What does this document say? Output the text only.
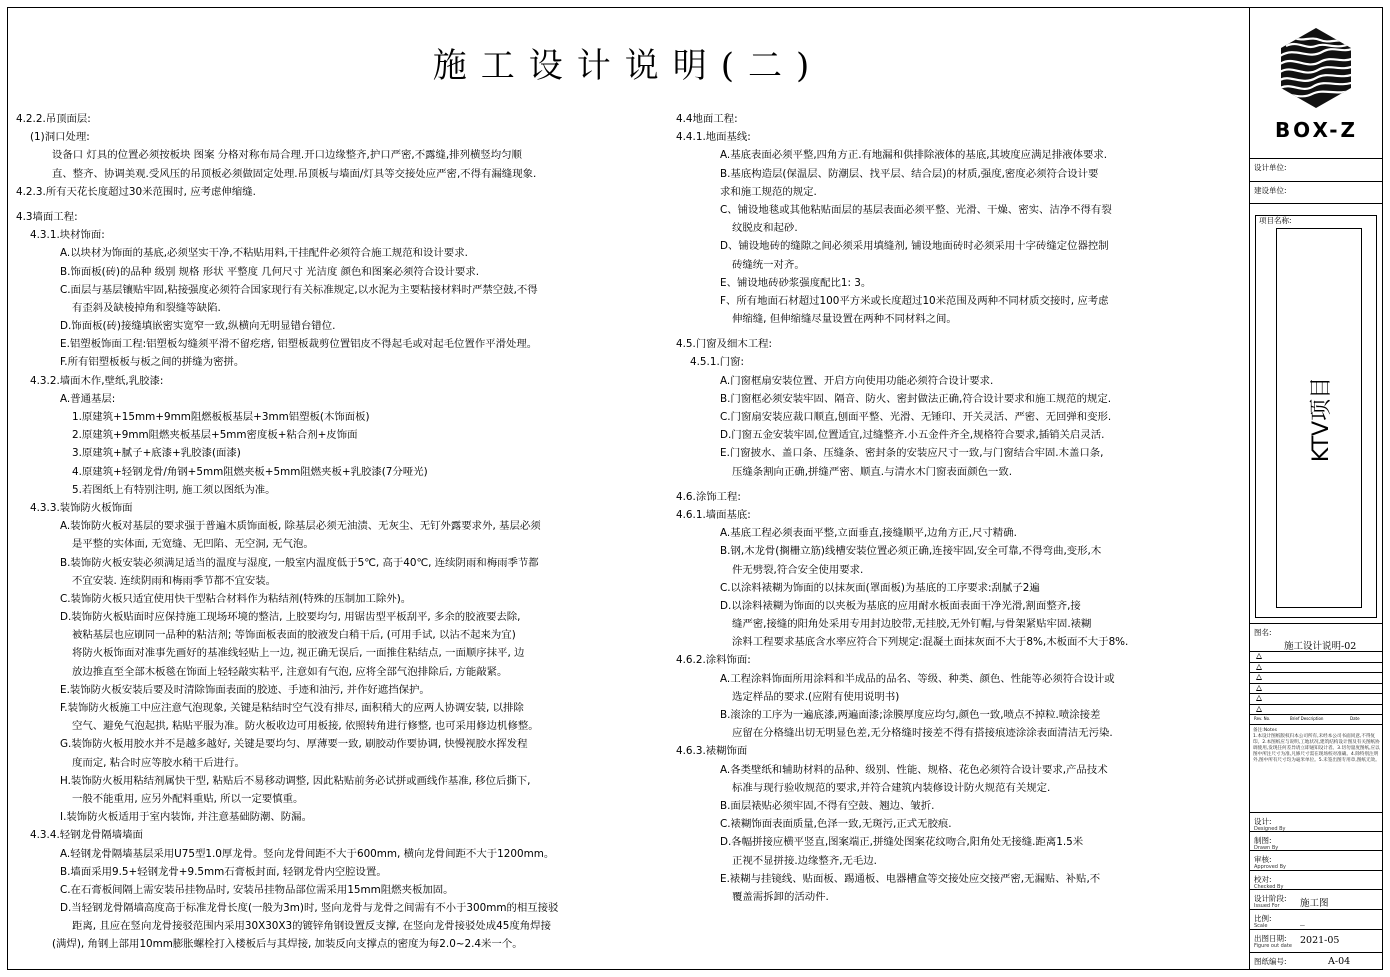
施工设计说明(二)
4.2.2.吊顶面层:
(1)洞口处理:
设备口 灯具的位置必须按板块 图案 分格对称布局合理.开口边缘整齐,护口严密,不露缝,排列横竖均匀顺
直、整齐、协调美观.受风压的吊顶板必须做固定处理.吊顶板与墙面/灯具等交接处应严密,不得有漏缝现象.
4.2.3.所有天花长度超过30米范围时, 应考虑伸缩缝.
4.3墙面工程:
4.3.1.块材饰面:
A.以块材为饰面的基底,必须坚实干净,不粘贴用料,干挂配件必须符合施工规范和设计要求.
B.饰面板(砖)的品种 级别 规格 形状 平整度 几何尺寸 光洁度 颜色和图案必须符合设计要求.
C.面层与基层镶贴牢固,粘接强度必须符合国家现行有关标准规定,以水泥为主要粘接材料时严禁空鼓,不得
有歪斜及缺棱掉角和裂缝等缺陷.
D.饰面板(砖)接缝填嵌密实宽窄一致,纵横向无明显错台错位.
E.铝塑板饰面工程:铝塑板勾缝须平滑不留疙瘩, 铝塑板裁剪位置铝皮不得起毛或对起毛位置作平滑处理。
F.所有铝塑板板与板之间的拼缝为密拼。
4.3.2.墙面木作,壁纸,乳胶漆:
A.普通基层:
1.原建筑+15mm+9mm阻燃板板基层+3mm铝塑板(木饰面板)
2.原建筑+9mm阻燃夹板基层+5mm密度板+粘合剂+皮饰面
3.原建筑+腻子+底漆+乳胶漆(面漆)
4.原建筑+轻钢龙骨/角钢+5mm阻燃夹板+5mm阻燃夹板+乳胶漆(7分哑光)
5.若图纸上有特别注明, 施工须以图纸为准。
4.3.3.装饰防火板饰面
A.装饰防火板对基层的要求强于普遍木质饰面板, 除基层必须无油渍、无灰尘、无钉外露要求外, 基层必须
是平整的实体面, 无宽缝、无凹陷、无空洞, 无气泡。
B.装饰防火板安装必须满足适当的温度与湿度, 一般室内温度低于5℃, 高于40℃, 连续阴雨和梅雨季节都
不宜安装. 连续阴雨和梅雨季节都不宜安装。
C.装饰防火板只适宜使用快干型粘合材料作为粘结剂(特殊的压制加工除外)。
D.装饰防火板贴面时应保持施工现场环境的整洁, 上胶要均匀, 用锯齿型平板刮平, 多余的胶液要去除,
被粘基层也应刷同一品种的粘洁剂; 等饰面板表面的胶液发白稍干后, (可用手试, 以沾不起来为宜)
将防火板饰面对准事先画好的基准线轻贴上一边, 视正确无误后, 一面推住粘结点, 一面顺序抹平, 边
放边推直至全部木板毯在饰面上轻轻敲实粘平, 注意如有气泡, 应将全部气泡排除后, 方能敲紧。
E.装饰防火板安装后要及时清除饰面表面的胶迹、手迹和油污, 并作好遮挡保护。
F.装饰防火板施工中应注意气泡现象, 关键是粘结时空气没有排尽, 面积稍大的应两人协调安装, 以排除
空气、避免气泡起拱, 粘贴平服为准。防火板收边可用板接, 依照转角进行修整, 也可采用修边机修整。
G.装饰防火板用胶水并不是越多越好, 关键是要均匀、厚薄要一致, 刷胶动作要协调, 快慢视胶水挥发程
度而定, 粘合时应等胶水稍干后进行。
H.装饰防火板用粘结剂属快干型, 粘贴后不易移动调整, 因此粘贴前务必试拼或画线作基准, 移位后撕下,
一般不能重用, 应另外配料重贴, 所以一定要慎重。
I.装饰防火板适用于室内装饰, 并注意基础防潮、防漏。
4.3.4.轻钢龙骨隔墙墙面
A.轻钢龙骨隔墙基层采用U75型1.0厚龙骨。竖向龙骨间距不大于600mm, 横向龙骨间距不大于1200mm。
B.墙面采用9.5+轻钢龙骨+9.5mm石膏板封面, 轻钢龙骨内空腔设置。
C.在石膏板间隔上需安装吊挂物品时, 安装吊挂物品部位需采用15mm阻燃夹板加固。
D.当轻钢龙骨隔墙高度高于标准龙骨长度(一般为3m)时, 竖向龙骨与龙骨之间需有不小于300mm的相互接驳
距离, 且应在竖向龙骨接驳范围内采用30X30X3的镀锌角钢设置反支撑, 在竖向龙骨接驳处成45度角焊接
(满焊), 角钢上部用10mm膨胀螺栓打入楼板后与其焊接, 加装反向支撑点的密度为每2.0~2.4米一个。
4.4地面工程:
4.4.1.地面基线:
A.基底表面必须平整,四角方正.有地漏和供排除液体的基底,其坡度应满足排液体要求.
B.基底构造层(保温层、防潮层、找平层、结合层)的材质,强度,密度必须符合设计要
求和施工规范的规定.
C、铺设地毯或其他粘贴面层的基层表面必须平整、光滑、干燥、密实、洁净不得有裂
纹脱皮和起砂.
D、铺设地砖的缝隙之间必须采用填缝剂, 铺设地面砖时必须采用十字砖缝定位器控制
砖缝统一对齐。
E、铺设地砖砂浆强度配比1: 3。
F、所有地面石材超过100平方米或长度超过10米范围及两种不同材质交接时, 应考虑
伸缩缝, 但伸缩缝尽量设置在两种不同材料之间。
4.5.门窗及细木工程:
4.5.1.门窗:
A.门窗框扇安装位置、开启方向使用功能必须符合设计要求.
B.门窗框必须安装牢固、隔音、防火、密封做法正确,符合设计要求和施工规范的规定.
C.门窗扇安装应裁口顺直,刨面平整、光滑、无锤印、开关灵活、严密、无回弹和变形.
D.门窗五金安装牢固,位置适宜,过缝整齐.小五金件齐全,规格符合要求,插销关启灵活.
E.门窗披水、盖口条、压缝条、密封条的安装应尺寸一致,与门窗结合牢固.木盖口条,
压缝条割向正确,拼缝严密、顺直.与清水木门窗表面颜色一致.
4.6.涂饰工程:
4.6.1.墙面基底:
A.基底工程必须表面平整,立面垂直,接缝顺平,边角方正,尺寸精确.
B.钢,木龙骨(搁栅立筋)线槽安装位置必须正确,连接牢固,安全可靠,不得弯曲,变形,木
件无劈裂,符合安全使用要求.
C.以涂料裱糊为饰面的以抹灰面(罩面板)为基底的工序要求:刮腻子2遍
D.以涂料裱糊为饰面的以夹板为基底的应用耐水板面表面干净光滑,割面整齐,接
缝严密,接缝的阳角处采用专用封边胶带,无挂胶,无外钉帽,与骨架紧贴牢固.裱糊
涂料工程要求基底含水率应符合下列规定:混凝土面抹灰面不大于8%,木板面不大于8%.
4.6.2.涂料饰面:
A.工程涂料饰面所用涂料和半成品的品名、等级、种类、颜色、性能等必须符合设计或
选定样品的要求.(应附有使用说明书)
B.滚涂的工序为一遍底漆,两遍面漆;涂膜厚度应均匀,颜色一致,喷点不掉粒.喷涂接差
应留在分格缝出切无明显色差,无分格缝时接差不得有搭接痕迹涂涂表面清洁无污染.
4.6.3.裱糊饰面
A.各类壁纸和辅助材料的品种、级别、性能、规格、花色必须符合设计要求,产品技术
标准与现行验收规范的要求,并符合建筑内装修设计防火规范有关规定.
B.面层裱贴必须牢固,不得有空鼓、翘边、皱折.
C.裱糊饰面表面质量,色泽一致,无斑污,正式无胶痕.
D.各幅拼接应横平竖直,图案端正,拼缝处图案花纹吻合,阳角处无接缝.距离1.5米
正视不显拼接.边缘整齐,无毛边.
E.裱糊与挂镜线、贴面板、踢通板、电器槽盒等交接处应交接严密,无漏贴、补贴,不
覆盖需拆卸的活动件.
BOX-Z
设计单位:
建设单位:
项目名称:
KTV项目
图名:
施工设计说明-02
Rev. No.	Brief Description	Date
备注:Notes
1.本设计图纸版权归本公司所有,未经本公司书面同意,不得复印。2.本图纸应与说明,工地状况,建筑结构设计图及有关图纸协调使用,发现任何差异请立即通知设计者。3.切勿量度图纸,应以图中所注尺寸为准,凡修尺寸需在现场校对准确。4.除特别注明外,图中所有尺寸均为毫米单位。5.未签出图专用章,图纸无效。
设计:
Designed By
制图:
Drawn By
审核:
Approved By
校对:
Checked By
设计阶段:
Issued For 施工图
比例:
Scale	_
出图日期:
Figure out date 2021-05
图纸编号:	A-04
